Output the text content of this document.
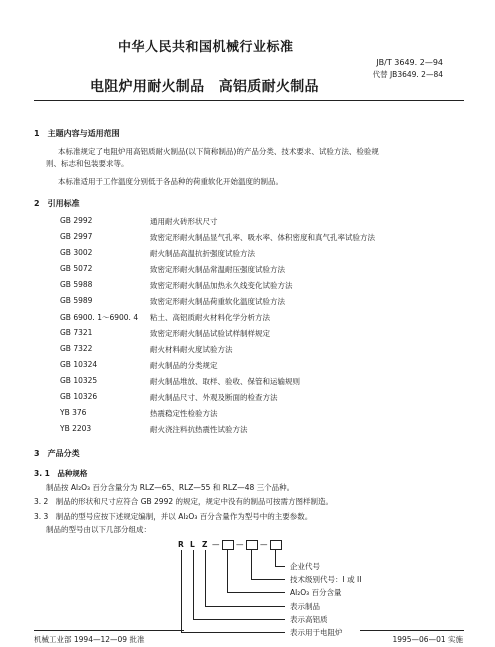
中华人民共和国机械行业标准
JB/T 3649. 2—94
代替 JB3649. 2—84
电阻炉用耐火制品　高铝质耐火制品
1　主题内容与适用范围
本标准规定了电阻炉用高铝质耐火制品(以下简称制品)的产品分类、技术要求、试验方法、检验规
则、标志和包装要求等。
本标准适用于工作温度分别低于各品种的荷重软化开始温度的制品。
2　引用标准
GB 2992	通用耐火砖形状尺寸
GB 2997	致密定形耐火制品显气孔率、吸水率、体积密度和真气孔率试验方法
GB 3002	耐火制品高温抗折强度试验方法
GB 5072	致密定形耐火制品常温耐压强度试验方法
GB 5988	致密定形耐火制品加热永久线变化试验方法
GB 5989	致密定形耐火制品荷重软化温度试验方法
GB 6900. 1～6900. 4 粘土、高铝质耐火材料化学分析方法
GB 7321	致密定形耐火制品试验试样制样规定
GB 7322	耐火材料耐火度试验方法
GB 10324	耐火制品的分类规定
GB 10325	耐火制品堆放、取样、验收、保管和运输规则
GB 10326	耐火制品尺寸、外观及断面的检查方法
YB 376	热震稳定性检验方法
YB 2203	耐火浇注料抗热震性试验方法
3　产品分类
3. 1　品种规格
制品按 Al₂O₃ 百分含量分为 RLZ—65、RLZ—55 和 RLZ—48 三个品种。
3. 2　制品的形状和尺寸应符合 GB 2992 的规定，规定中没有的制品可按需方图样制造。
3. 3　制品的型号应按下述规定编制，并以 Al₂O₃ 百分含量作为型号中的主要参数。
制品的型号由以下几部分组成：
R L Z — — —
企业代号
技术级别代号：I 或 II
Al₂O₃ 百分含量
表示制品
表示高铝质
表示用于电阻炉
机械工业部 1994—12—09 批准	1995—06—01 实施
